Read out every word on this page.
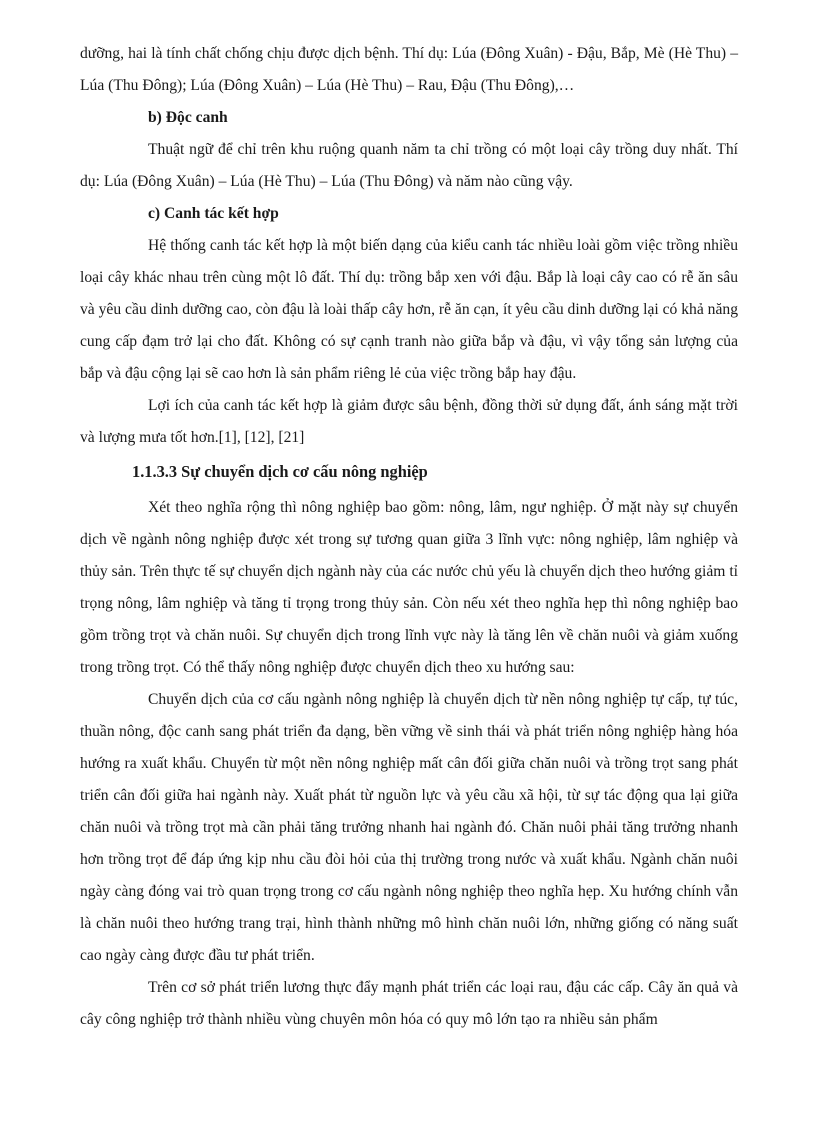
dưỡng, hai là tính chất chống chịu được dịch bệnh. Thí dụ: Lúa (Đông Xuân) - Đậu, Bắp, Mè (Hè Thu) – Lúa (Thu Đông); Lúa (Đông Xuân) – Lúa (Hè Thu) – Rau, Đậu (Thu Đông),…

b) Độc canh

Thuật ngữ để chỉ trên khu ruộng quanh năm ta chỉ trồng có một loại cây trồng duy nhất. Thí dụ: Lúa (Đông Xuân) – Lúa (Hè Thu) – Lúa (Thu Đông) và năm nào cũng vậy.

c) Canh tác kết hợp

Hệ thống canh tác kết hợp là một biến dạng của kiểu canh tác nhiều loài gồm việc trồng nhiều loại cây khác nhau trên cùng một lô đất. Thí dụ: trồng bắp xen với đậu. Bắp là loại cây cao có rễ ăn sâu và yêu cầu dinh dưỡng cao, còn đậu là loài thấp cây hơn, rễ ăn cạn, ít yêu cầu dinh dưỡng lại có khả năng cung cấp đạm trở lại cho đất. Không có sự cạnh tranh nào giữa bắp và đậu, vì vậy tổng sản lượng của bắp và đậu cộng lại sẽ cao hơn là sản phẩm riêng lẻ của việc trồng bắp hay đậu.

Lợi ích của canh tác kết hợp là giảm được sâu bệnh, đồng thời sử dụng đất, ánh sáng mặt trời và lượng mưa tốt hơn.[1], [12], [21]

1.1.3.3 Sự chuyển dịch cơ cấu nông nghiệp

Xét theo nghĩa rộng thì nông nghiệp bao gồm: nông, lâm, ngư nghiệp. Ở mặt này sự chuyển dịch về ngành nông nghiệp được xét trong sự tương quan giữa 3 lĩnh vực: nông nghiệp, lâm nghiệp và thủy sản. Trên thực tế sự chuyển dịch ngành này của các nước chủ yếu là chuyển dịch theo hướng giảm tỉ trọng nông, lâm nghiệp và tăng tỉ trọng trong thủy sản. Còn nếu xét theo nghĩa hẹp thì nông nghiệp bao gồm trồng trọt và chăn nuôi. Sự chuyển dịch trong lĩnh vực này là tăng lên về chăn nuôi và giảm xuống trong trồng trọt. Có thể thấy nông nghiệp được chuyển dịch theo xu hướng sau:

Chuyển dịch của cơ cấu ngành nông nghiệp là chuyển dịch từ nền nông nghiệp tự cấp, tự túc, thuần nông, độc canh sang phát triển đa dạng, bền vững về sinh thái và phát triển nông nghiệp hàng hóa hướng ra xuất khẩu. Chuyển từ một nền nông nghiệp mất cân đối giữa chăn nuôi và trồng trọt sang phát triển cân đối giữa hai ngành này. Xuất phát từ nguồn lực và yêu cầu xã hội, từ sự tác động qua lại giữa chăn nuôi và trồng trọt mà cần phải tăng trưởng nhanh hai ngành đó. Chăn nuôi phải tăng trưởng nhanh hơn trồng trọt để đáp ứng kịp nhu cầu đòi hỏi của thị trường trong nước và xuất khẩu. Ngành chăn nuôi ngày càng đóng vai trò quan trọng trong cơ cấu ngành nông nghiệp theo nghĩa hẹp. Xu hướng chính vẫn là chăn nuôi theo hướng trang trại, hình thành những mô hình chăn nuôi lớn, những giống có năng suất cao ngày càng được đầu tư phát triển.

Trên cơ sở phát triển lương thực đẩy mạnh phát triển các loại rau, đậu các cấp. Cây ăn quả và cây công nghiệp trở thành nhiều vùng chuyên môn hóa có quy mô lớn tạo ra nhiều sản phẩm
